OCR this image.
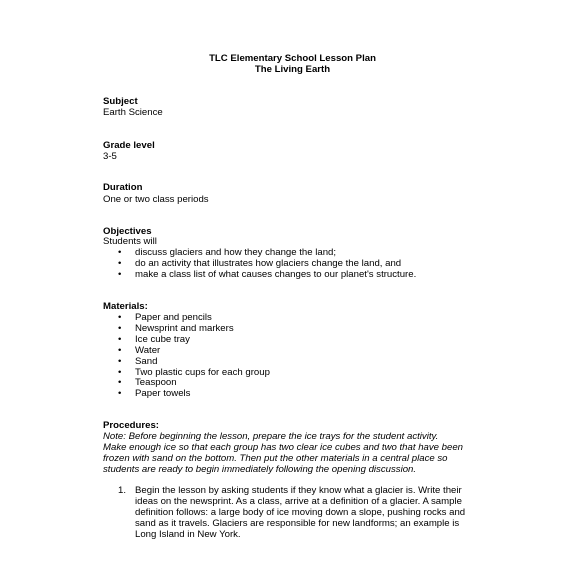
TLC Elementary School Lesson Plan
The Living Earth
Subject
Earth Science
Grade level
3-5
Duration
One or two class periods
Objectives
Students will
• discuss glaciers and how they change the land;
• do an activity that illustrates how glaciers change the land, and
• make a class list of what causes changes to our planet's structure.
Materials:
• Paper and pencils
• Newsprint and markers
• Ice cube tray
• Water
• Sand
• Two plastic cups for each group
• Teaspoon
• Paper towels
Procedures:
Note: Before beginning the lesson, prepare the ice trays for the student activity.
Make enough ice so that each group has two clear ice cubes and two that have been
frozen with sand on the bottom. Then put the other materials in a central place so
students are ready to begin immediately following the opening discussion.
1. Begin the lesson by asking students if they know what a glacier is. Write their
ideas on the newsprint. As a class, arrive at a definition of a glacier. A sample
definition follows: a large body of ice moving down a slope, pushing rocks and
sand as it travels. Glaciers are responsible for new landforms; an example is
Long Island in New York.
